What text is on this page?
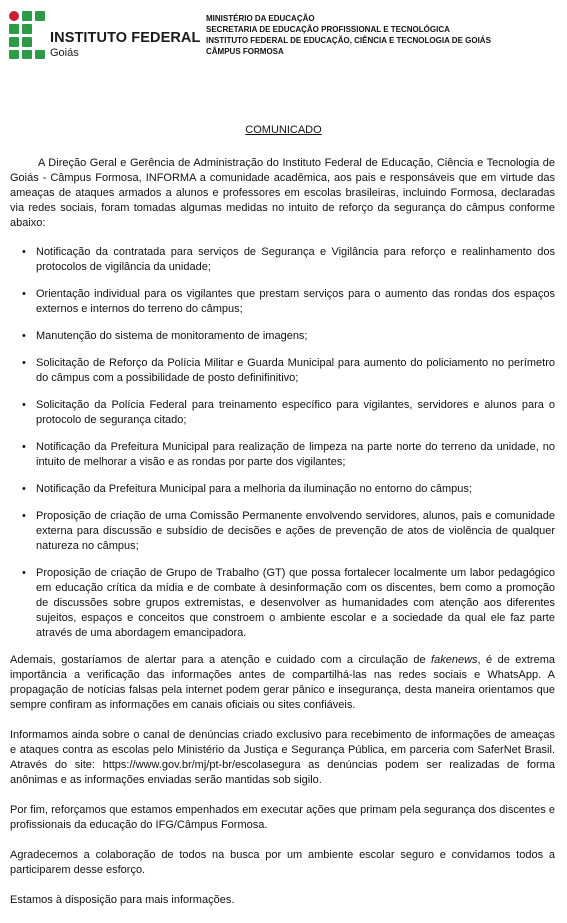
INSTITUTO FEDERAL
Goiás
MINISTÉRIO DA EDUCAÇÃO
SECRETARIA DE EDUCAÇÃO PROFISSIONAL E TECNOLÓGICA
INSTITUTO FEDERAL DE EDUCAÇÃO, CIÊNCIA E TECNOLOGIA DE GOIÁS
CÂMPUS FORMOSA
COMUNICADO

A Direção Geral e Gerência de Administração do Instituto Federal de Educação, Ciência e Tecnologia de Goiás - Câmpus Formosa, INFORMA a comunidade acadêmica, aos pais e responsáveis que em virtude das ameaças de ataques armados a alunos e professores em escolas brasileiras, incluindo Formosa, declaradas via redes sociais, foram tomadas algumas medidas no intuito de reforço da segurança do câmpus conforme abaixo:

• Notificação da contratada para serviços de Segurança e Vigilância para reforço e realinhamento dos protocolos de vigilância da unidade;
• Orientação individual para os vigilantes que prestam serviços para o aumento das rondas dos espaços externos e internos do terreno do câmpus;
• Manutenção do sistema de monitoramento de imagens;
• Solicitação de Reforço da Polícia Militar e Guarda Municipal para aumento do policiamento no perímetro do câmpus com a possibilidade de posto definifinitivo;
• Solicitação da Polícia Federal para treinamento específico para vigilantes, servidores e alunos para o protocolo de segurança citado;
• Notificação da Prefeitura Municipal para realização de limpeza na parte norte do terreno da unidade, no intuito de melhorar a visão e as rondas por parte dos vigilantes;
• Notificação da Prefeitura Municipal para a melhoria da iluminação no entorno do câmpus;
• Proposição de criação de uma Comissão Permanente envolvendo servidores, alunos, pais e comunidade externa para discussão e subsídio de decisões e ações de prevenção de atos de violência de qualquer natureza no câmpus;
• Proposição de criação de Grupo de Trabalho (GT) que possa fortalecer localmente um labor pedagógico em educação crítica da mídia e de combate à desinformação com os discentes, bem como a promoção de discussões sobre grupos extremistas, e desenvolver as humanidades com atenção aos diferentes sujeitos, espaços e conceitos que constroem o ambiente escolar e a sociedade da qual ele faz parte através de uma abordagem emancipadora.

Ademais, gostaríamos de alertar para a atenção e cuidado com a circulação de fakenews, é de extrema importância a verificação das informações antes de compartilhá-las nas redes sociais e WhatsApp. A propagação de notícias falsas pela internet podem gerar pânico e insegurança, desta maneira orientamos que sempre confiram as informações em canais oficiais ou sites confiáveis.

Informamos ainda sobre o canal de denúncias criado exclusivo para recebimento de informações de ameaças e ataques contra as escolas pelo Ministério da Justiça e Segurança Pública, em parceria com SaferNet Brasil. Através do site: https://www.gov.br/mj/pt-br/escolasegura as denúncias podem ser realizadas de forma anônimas e as informações enviadas serão mantidas sob sigilo.

Por fim, reforçamos que estamos empenhados em executar ações que primam pela segurança dos discentes e profissionais da educação do IFG/Câmpus Formosa.

Agradecemos a colaboração de todos na busca por um ambiente escolar seguro e convidamos todos a participarem desse esforço.

Estamos à disposição para mais informações.
